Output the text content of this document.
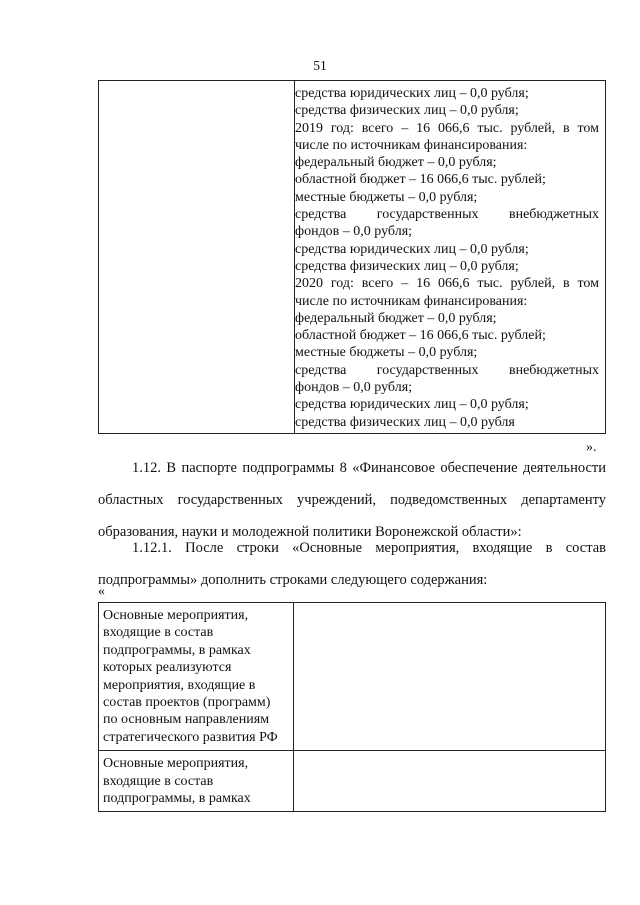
51
средства юридических лиц – 0,0 рубля;
средства физических лиц – 0,0 рубля;
2019 год: всего – 16 066,6 тыс. рублей, в том
числе по источникам финансирования:
федеральный бюджет – 0,0 рубля;
областной бюджет – 16 066,6 тыс. рублей;
местные бюджеты – 0,0 рубля;
средства государственных внебюджетных
фондов – 0,0 рубля;
средства юридических лиц – 0,0 рубля;
средства физических лиц – 0,0 рубля;
2020 год: всего – 16 066,6 тыс. рублей, в том
числе по источникам финансирования:
федеральный бюджет – 0,0 рубля;
областной бюджет – 16 066,6 тыс. рублей;
местные бюджеты – 0,0 рубля;
средства государственных внебюджетных
фондов – 0,0 рубля;
средства юридических лиц – 0,0 рубля;
средства физических лиц – 0,0 рубля
».
1.12. В паспорте подпрограммы 8 «Финансовое обеспечение деятельности
областных государственных учреждений, подведомственных департаменту
образования, науки и молодежной политики Воронежской области»:
1.12.1. После строки «Основные мероприятия, входящие в состав
подпрограммы» дополнить строками следующего содержания:
«
Основные мероприятия,
входящие в состав
подпрограммы, в рамках
которых реализуются
мероприятия, входящие в
состав проектов (программ)
по основным направлениям
стратегического развития РФ
Основные мероприятия,
входящие в состав
подпрограммы, в рамках
